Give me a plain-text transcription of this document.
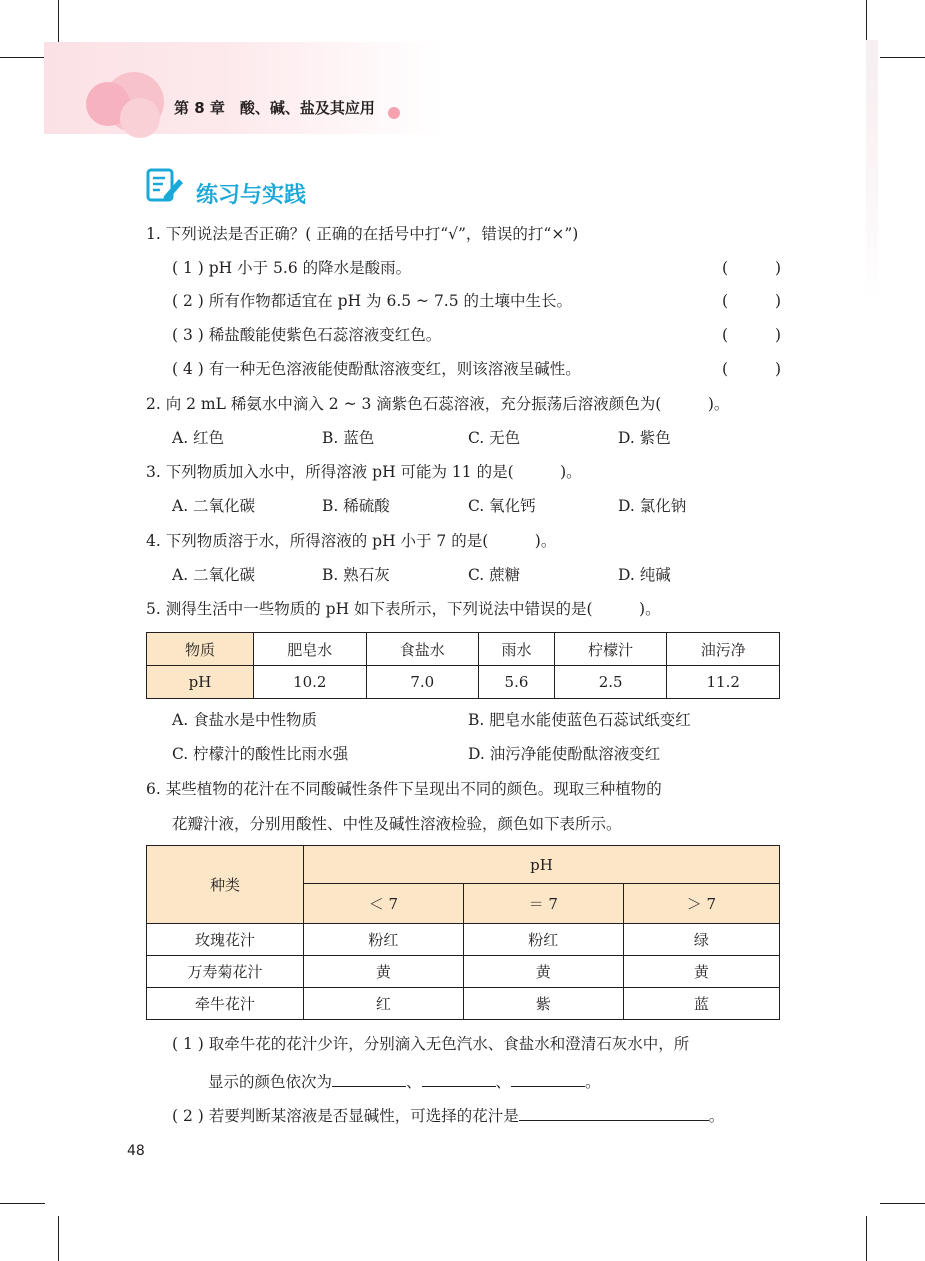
第 8 章　酸、碱、盐及其应用
练习与实践
1. 下列说法是否正确？( 正确的在括号中打“√”，错误的打“×”)
( 1 ) pH 小于 5.6 的降水是酸雨。	(	)
( 2 ) 所有作物都适宜在 pH 为 6.5 ~ 7.5 的土壤中生长。	(	)
( 3 ) 稀盐酸能使紫色石蕊溶液变红色。	(	)
( 4 ) 有一种无色溶液能使酚酞溶液变红，则该溶液呈碱性。	(	)
2. 向 2 mL 稀氨水中滴入 2 ~ 3 滴紫色石蕊溶液，充分振荡后溶液颜色为(　　　)。
A. 红色	B. 蓝色	C. 无色	D. 紫色
3. 下列物质加入水中，所得溶液 pH 可能为 11 的是(　　　)。
A. 二氧化碳	B. 稀硫酸	C. 氧化钙	D. 氯化钠
4. 下列物质溶于水，所得溶液的 pH 小于 7 的是(　　　)。
A. 二氧化碳	B. 熟石灰	C. 蔗糖	D. 纯碱
5. 测得生活中一些物质的 pH 如下表所示，下列说法中错误的是(　　　)。
物质	肥皂水	食盐水	雨水	柠檬汁	油污净
pH	10.2	7.0	5.6	2.5	11.2
A. 食盐水是中性物质	B. 肥皂水能使蓝色石蕊试纸变红
C. 柠檬汁的酸性比雨水强	D. 油污净能使酚酞溶液变红
6. 某些植物的花汁在不同酸碱性条件下呈现出不同的颜色。现取三种植物的
花瓣汁液，分别用酸性、中性及碱性溶液检验，颜色如下表所示。
种类	pH		
	＜ 7	＝ 7	＞ 7
玫瑰花汁	粉红	粉红	绿
万寿菊花汁	黄	黄	黄
牵牛花汁	红	紫	蓝
( 1 ) 取牵牛花的花汁少许，分别滴入无色汽水、食盐水和澄清石灰水中，所
显示的颜色依次为	、	、	。
( 2 ) 若要判断某溶液是否显碱性，可选择的花汁是	。
48
